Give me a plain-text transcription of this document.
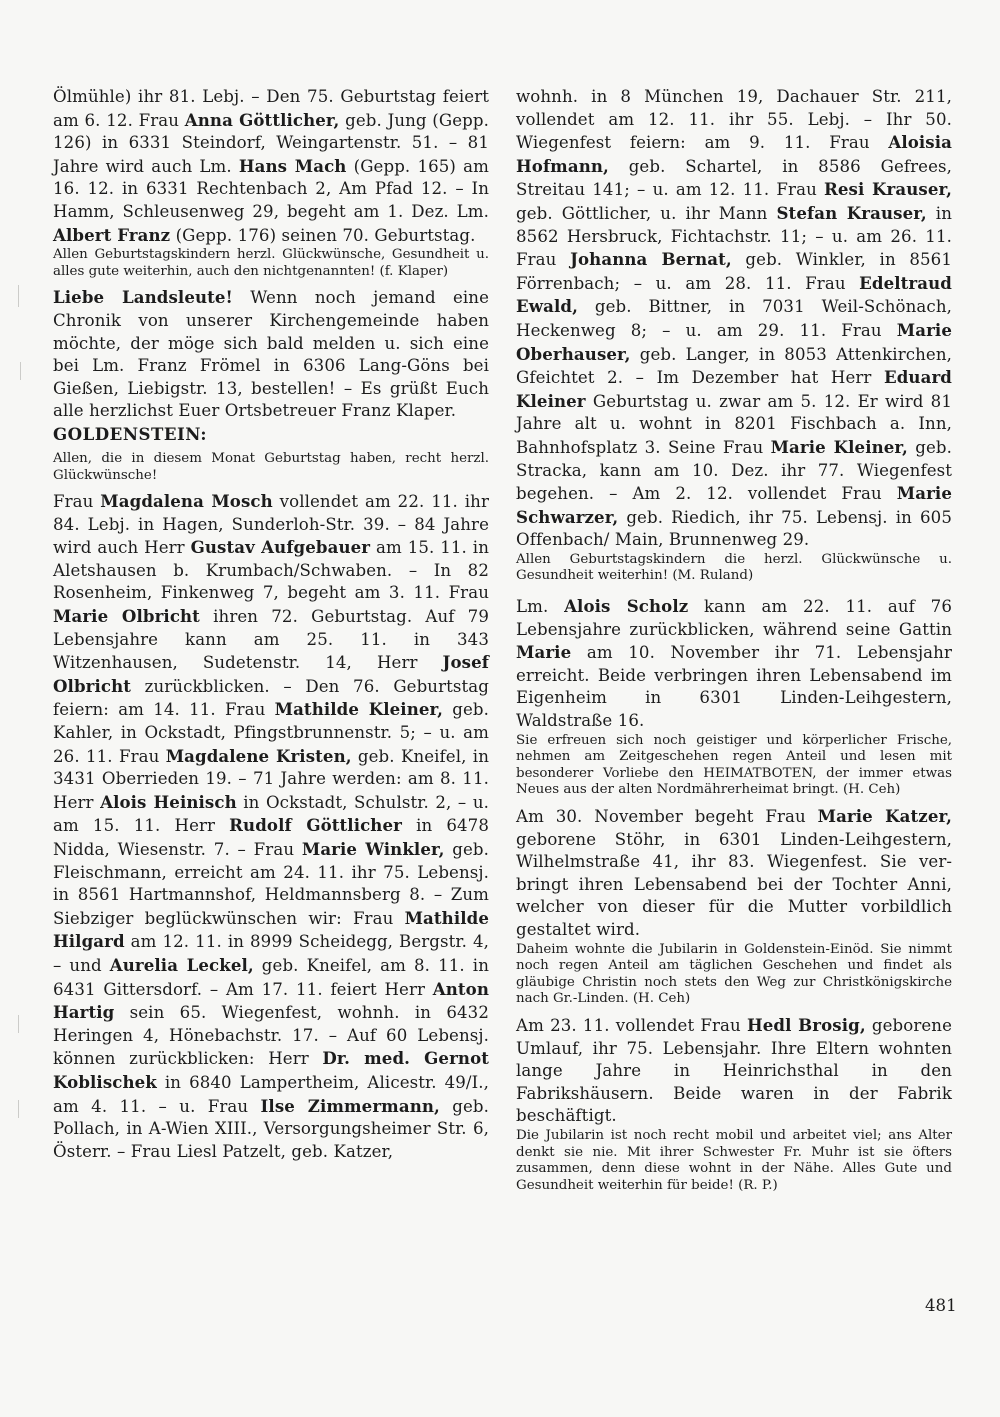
Ölmühle) ihr 81. Lebj. – Den 75. Geburtstag feiert am 6. 12. Frau Anna Göttlicher, geb. Jung (Gepp. 126) in 6331 Steindorf, Weingartenstr. 51. – 81 Jahre wird auch Lm. Hans Mach (Gepp. 165) am 16. 12. in 6331 Rechtenbach 2, Am Pfad 12. – In Hamm, Schleusenweg 29, begeht am 1. Dez. Lm. Albert Franz (Gepp. 176) seinen 70. Geburtstag.

Allen Geburtstagskindern herzl. Glückwünsche, Gesundheit u. alles gute weiterhin, auch den nichtgenannten! (f. Klaper)

Liebe Landsleute! Wenn noch jemand eine Chronik von unserer Kirchengemeinde haben möchte, der möge sich bald melden u. sich eine bei Lm. Franz Frömel in 6306 Lang-Göns bei Gießen, Liebigstr. 13, bestellen! – Es grüßt Euch alle herzlichst Euer Ortsbetreuer Franz Klaper.

GOLDENSTEIN:

Allen, die in diesem Monat Geburtstag haben, recht herzl. Glückwünsche!

Frau Magdalena Mosch vollendet am 22. 11. ihr 84. Lebj. in Hagen, Sunderloh-Str. 39. – 84 Jahre wird auch Herr Gustav Aufgebauer am 15. 11. in Aletshausen b. Krumbach/Schwaben. – In 82 Rosenheim, Finkenweg 7, begeht am 3. 11. Frau Marie Olbricht ihren 72. Geburtstag. Auf 79 Lebensjahre kann am 25. 11. in 343 Witzenhausen, Sudetenstr. 14, Herr Josef Olbricht zurückblicken. – Den 76. Geburtstag feiern: am 14. 11. Frau Mathilde Kleiner, geb. Kahler, in Ockstadt, Pfingstbrunnenstr. 5; – u. am 26. 11. Frau Magdalene Kristen, geb. Kneifel, in 3431 Oberrieden 19. – 71 Jahre werden: am 8. 11. Herr Alois Heinisch in Ockstadt, Schulstr. 2, – u. am 15. 11. Herr Rudolf Göttlicher in 6478 Nidda, Wiesenstr. 7. – Frau Marie Winkler, geb. Fleischmann, erreicht am 24. 11. ihr 75. Lebensj. in 8561 Hartmannshof, Heldmannsberg 8. – Zum Siebziger beglückwünschen wir: Frau Mathilde Hilgard am 12. 11. in 8999 Scheidegg, Bergstr. 4, – und Aurelia Leckel, geb. Kneifel, am 8. 11. in 6431 Gittersdorf. – Am 17. 11. feiert Herr Anton Hartig sein 65. Wiegenfest, wohnh. in 6432 Heringen 4, Hönebachstr. 17. – Auf 60 Lebensj. können zurückblicken: Herr Dr. med. Gernot Koblischek in 6840 Lampertheim, Alicestr. 49/I., am 4. 11. – u. Frau Ilse Zimmermann, geb. Pollach, in A-Wien XIII., Versorgungsheimer Str. 6, Österr. – Frau Liesl Patzelt, geb. Katzer,

wohnh. in 8 München 19, Dachauer Str. 211, vollendet am 12. 11. ihr 55. Lebj. – Ihr 50. Wiegenfest feiern: am 9. 11. Frau Aloisia Hofmann, geb. Schartel, in 8586 Gefrees, Streitau 141; – u. am 12. 11. Frau Resi Krauser, geb. Göttlicher, u. ihr Mann Stefan Krauser, in 8562 Hersbruck, Fichtachstr. 11; – u. am 26. 11. Frau Johanna Bernat, geb. Winkler, in 8561 Förrenbach; – u. am 28. 11. Frau Edeltraud Ewald, geb. Bittner, in 7031 Weil-Schönach, Heckenweg 8; – u. am 29. 11. Frau Marie Oberhauser, geb. Langer, in 8053 Attenkirchen, Gfeichtet 2. – Im Dezember hat Herr Eduard Kleiner Geburtstag u. zwar am 5. 12. Er wird 81 Jahre alt u. wohnt in 8201 Fischbach a. Inn, Bahnhofsplatz 3. Seine Frau Marie Kleiner, geb. Stracka, kann am 10. Dez. ihr 77. Wiegenfest begehen. – Am 2. 12. vollendet Frau Marie Schwarzer, geb. Riedich, ihr 75. Lebensj. in 605 Offenbach/ Main, Brunnenweg 29.

Allen Geburtstagskindern die herzl. Glückwünsche u. Gesundheit weiterhin! (M. Ruland)

Lm. Alois Scholz kann am 22. 11. auf 76 Lebensjahre zurückblicken, während seine Gattin Marie am 10. November ihr 71. Lebensjahr erreicht. Beide verbringen ihren Lebensabend im Eigenheim in 6301 Linden-Leihgestern, Waldstraße 16.

Sie erfreuen sich noch geistiger und körperlicher Frische, nehmen am Zeitgeschehen regen Anteil und lesen mit besonderer Vorliebe den HEIMATBOTEN, der immer etwas Neues aus der alten Nordmährerheimat bringt. (H. Ceh)

Am 30. November begeht Frau Marie Katzer, geborene Stöhr, in 6301 Linden-Leihgestern, Wilhelmstraße 41, ihr 83. Wiegenfest. Sie verbringt ihren Lebensabend bei der Tochter Anni, welcher von dieser für die Mutter vorbildlich gestaltet wird.

Daheim wohnte die Jubilarin in Goldenstein-Einöd. Sie nimmt noch regen Anteil am täglichen Geschehen und findet als gläubige Christin noch stets den Weg zur Christkönigskirche nach Gr.-Linden. (H. Ceh)

Am 23. 11. vollendet Frau Hedl Brosig, geborene Umlauf, ihr 75. Lebensjahr. Ihre Eltern wohnten lange Jahre in Heinrichsthal in den Fabrikshäusern. Beide waren in der Fabrik beschäftigt.

Die Jubilarin ist noch recht mobil und arbeitet viel; ans Alter denkt sie nie. Mit ihrer Schwester Fr. Muhr ist sie öfters zusammen, denn diese wohnt in der Nähe. Alles Gute und Gesundheit weiterhin für beide! (R. P.)

481
